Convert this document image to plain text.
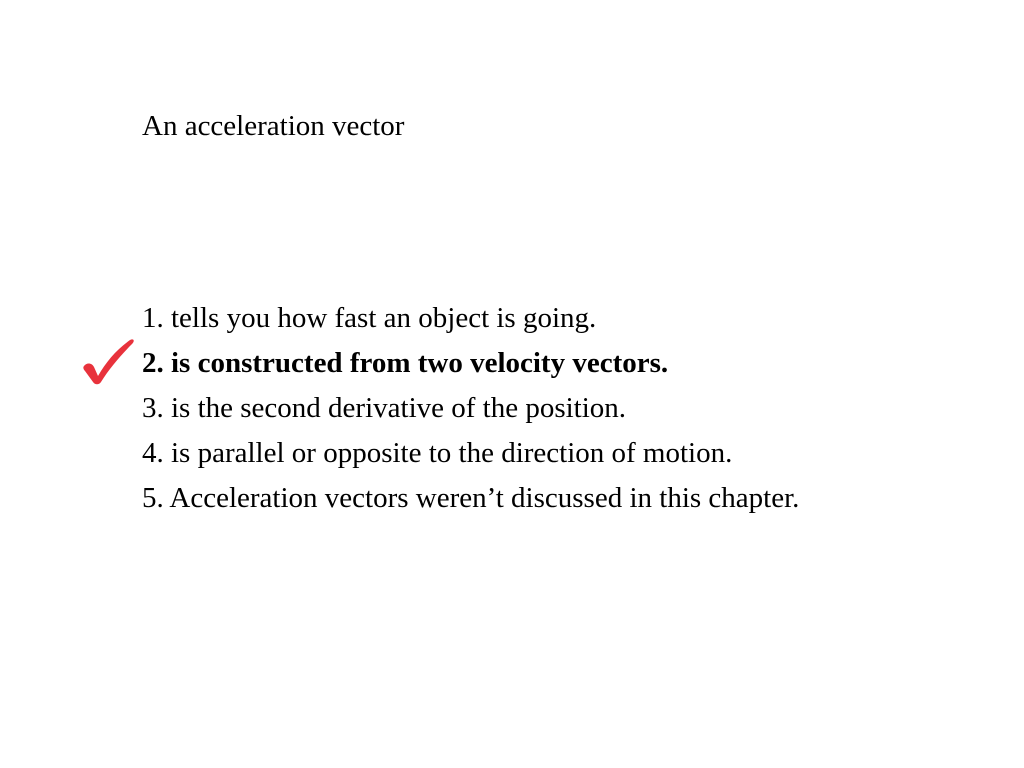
An acceleration vector
1. tells you how fast an object is going.
2. is constructed from two velocity vectors.
3. is the second derivative of the position.
4. is parallel or opposite to the direction of motion.
5. Acceleration vectors weren’t discussed in this chapter.
